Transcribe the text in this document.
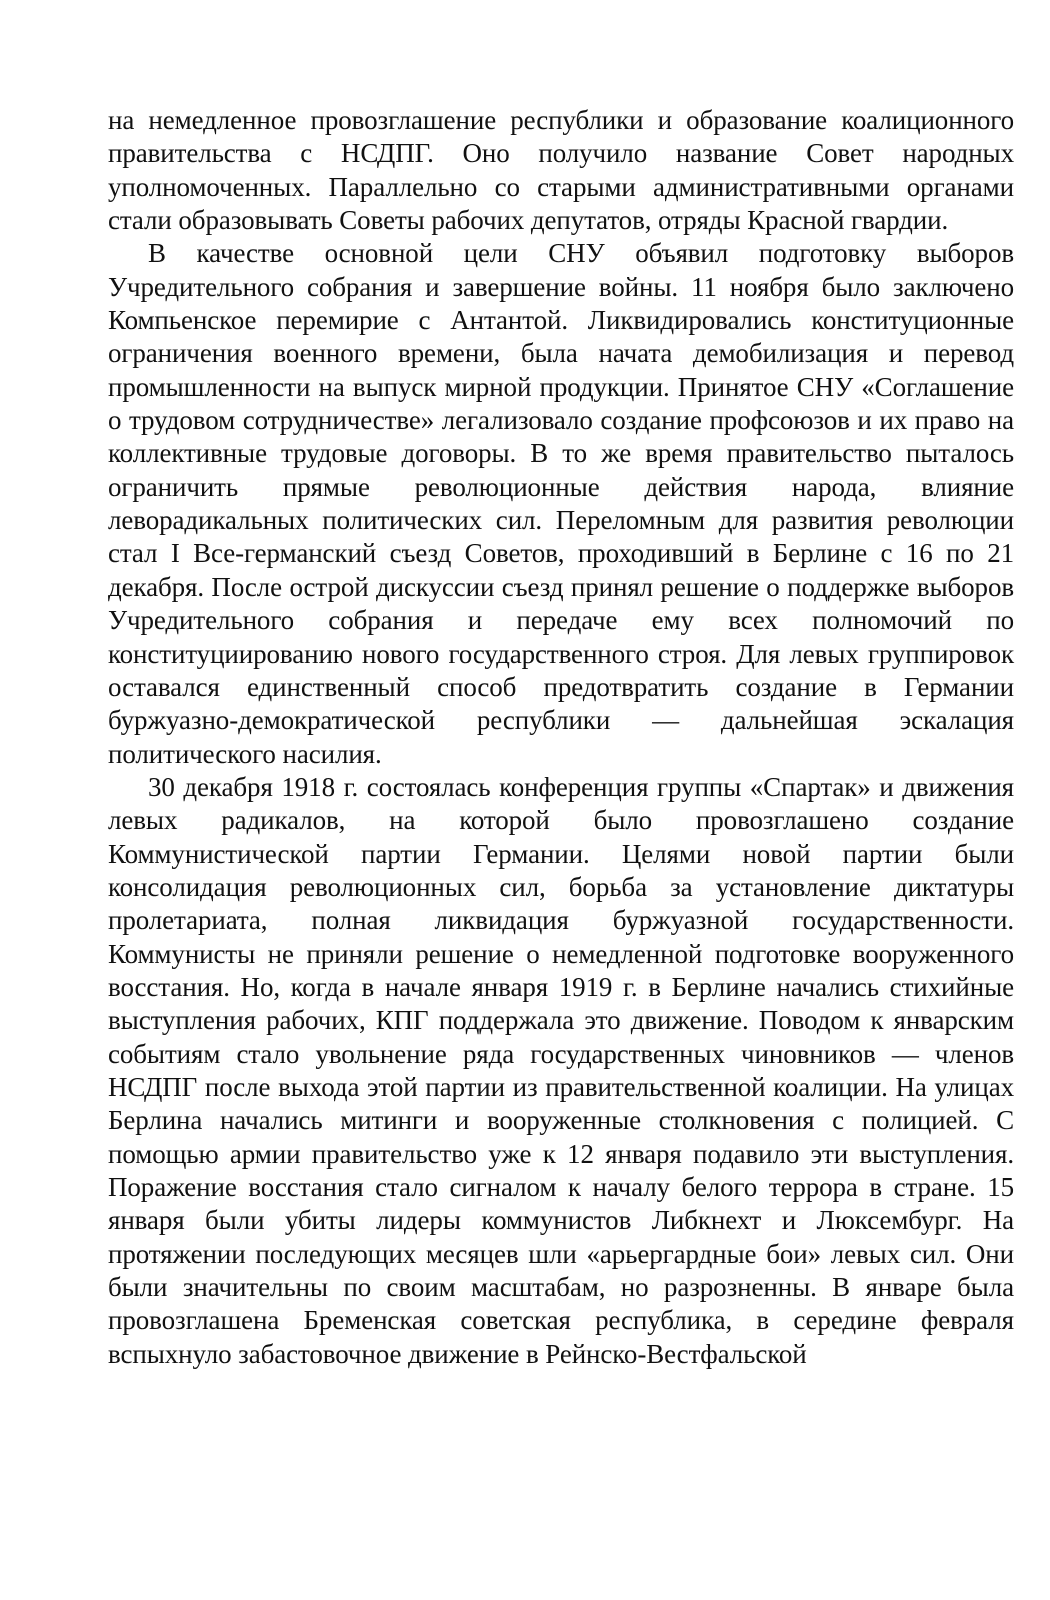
на немедленное провозглашение республики и образование коалиционного правительства с НСДПГ. Оно получило название Совет народных уполномоченных. Параллельно со старыми административными органами стали образовывать Советы рабочих депутатов, отряды Красной гвардии.

В качестве основной цели СНУ объявил подготовку выборов Учредительного собрания и завершение войны. 11 ноября было заключено Компьенское перемирие с Антантой. Ликвидировались конституционные ограничения военного времени, была начата демобилизация и перевод промышленности на выпуск мирной продукции. Принятое СНУ «Соглашение о трудовом сотрудничестве» легализовало создание профсоюзов и их право на коллективные трудовые договоры. В то же время правительство пыталось ограничить прямые революционные действия народа, влияние леворадикальных политических сил. Переломным для развития революции стал I Все-германский съезд Советов, проходивший в Берлине с 16 по 21 декабря. После острой дискуссии съезд принял решение о поддержке выборов Учредительного собрания и передаче ему всех полномочий по конституциированию нового государственного строя. Для левых группировок оставался единственный способ предотвратить создание в Германии буржуазно-демократической республики — дальнейшая эскалация политического насилия.

30 декабря 1918 г. состоялась конференция группы «Спартак» и движения левых радикалов, на которой было провозглашено создание Коммунистической партии Германии. Целями новой партии были консолидация революционных сил, борьба за установление диктатуры пролетариата, полная ликвидация буржуазной государственности. Коммунисты не приняли решение о немедленной подготовке вооруженного восстания. Но, когда в начале января 1919 г. в Берлине начались стихийные выступления рабочих, КПГ поддержала это движение. Поводом к январским событиям стало увольнение ряда государственных чиновников — членов НСДПГ после выхода этой партии из правительственной коалиции. На улицах Берлина начались митинги и вооруженные столкновения с полицией. С помощью армии правительство уже к 12 января подавило эти выступления. Поражение восстания стало сигналом к началу белого террора в стране. 15 января были убиты лидеры коммунистов Либкнехт и Люксембург. На протяжении последующих месяцев шли «арьергардные бои» левых сил. Они были значительны по своим масштабам, но разрозненны. В январе была провозглашена Бременская советская республика, в середине февраля вспыхнуло забастовочное движение в Рейнско-Вестфальской
